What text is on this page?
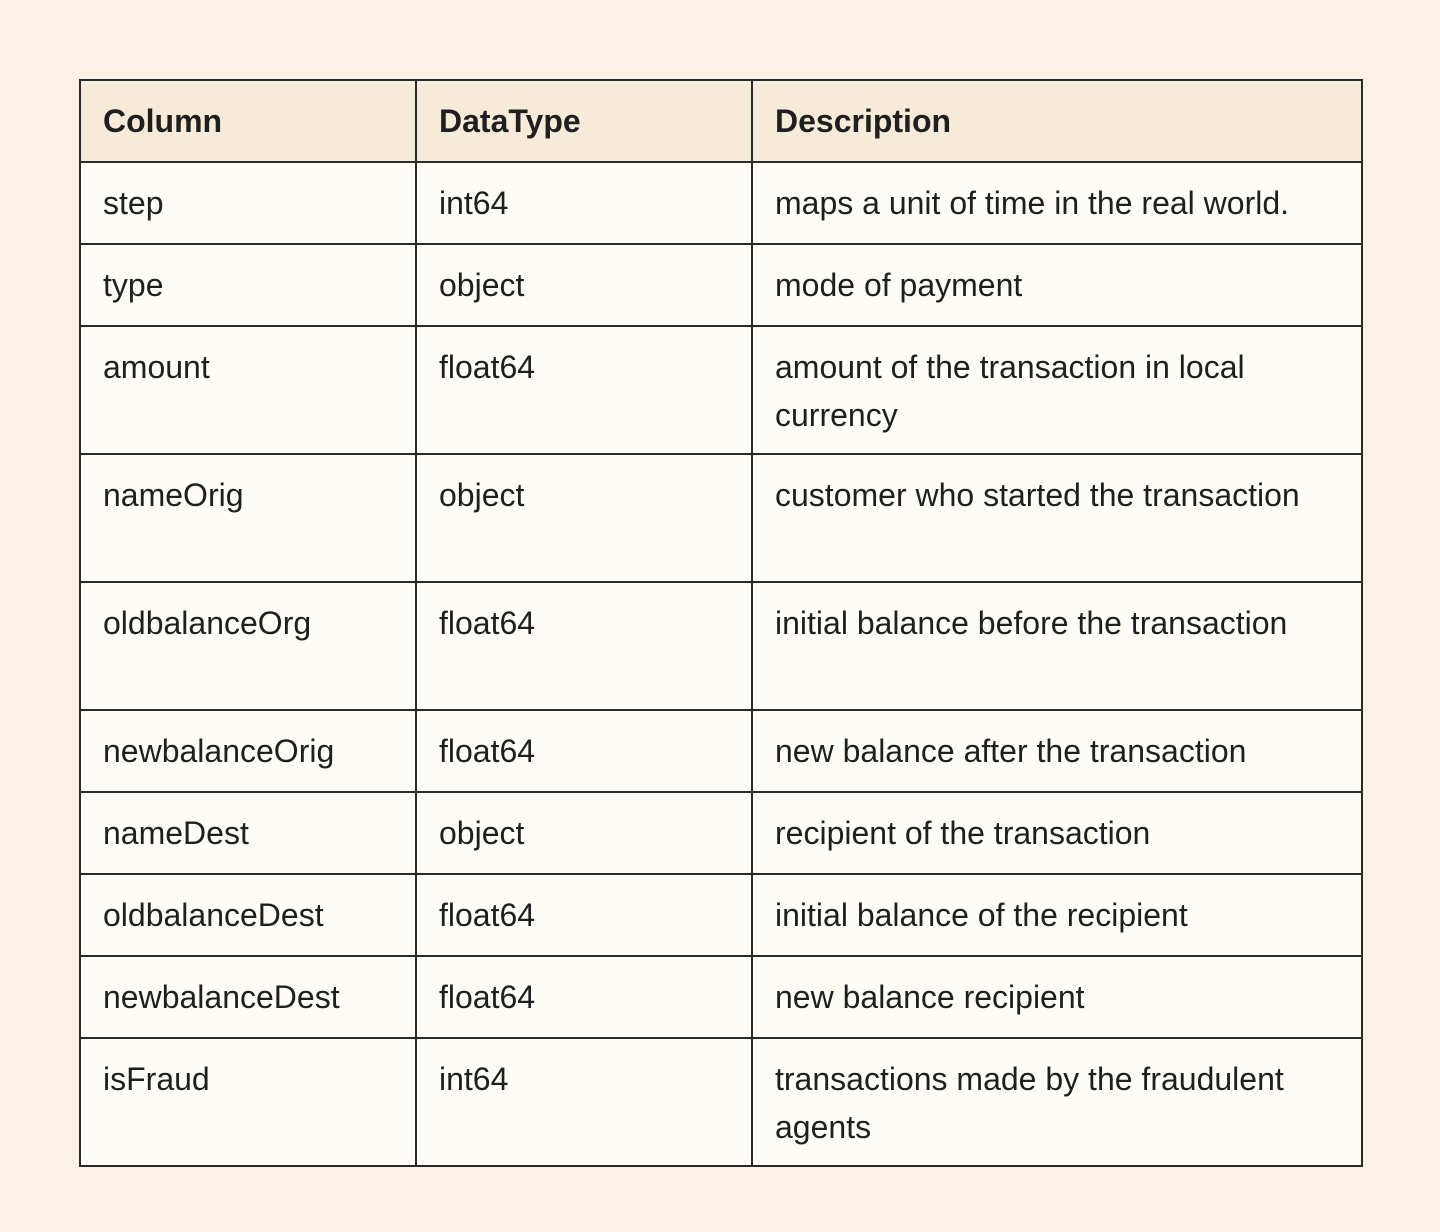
Column	DataType	Description
step	int64	maps a unit of time in the real world.
type	object	mode of payment
amount	float64	amount of the transaction in local currency
nameOrig	object	customer who started the transaction
oldbalanceOrg	float64	initial balance before the transaction
newbalanceOrig	float64	new balance after the transaction
nameDest	object	recipient of the transaction
oldbalanceDest	float64	initial balance of the recipient
newbalanceDest	float64	new balance recipient
isFraud	int64	transactions made by the fraudulent agents
